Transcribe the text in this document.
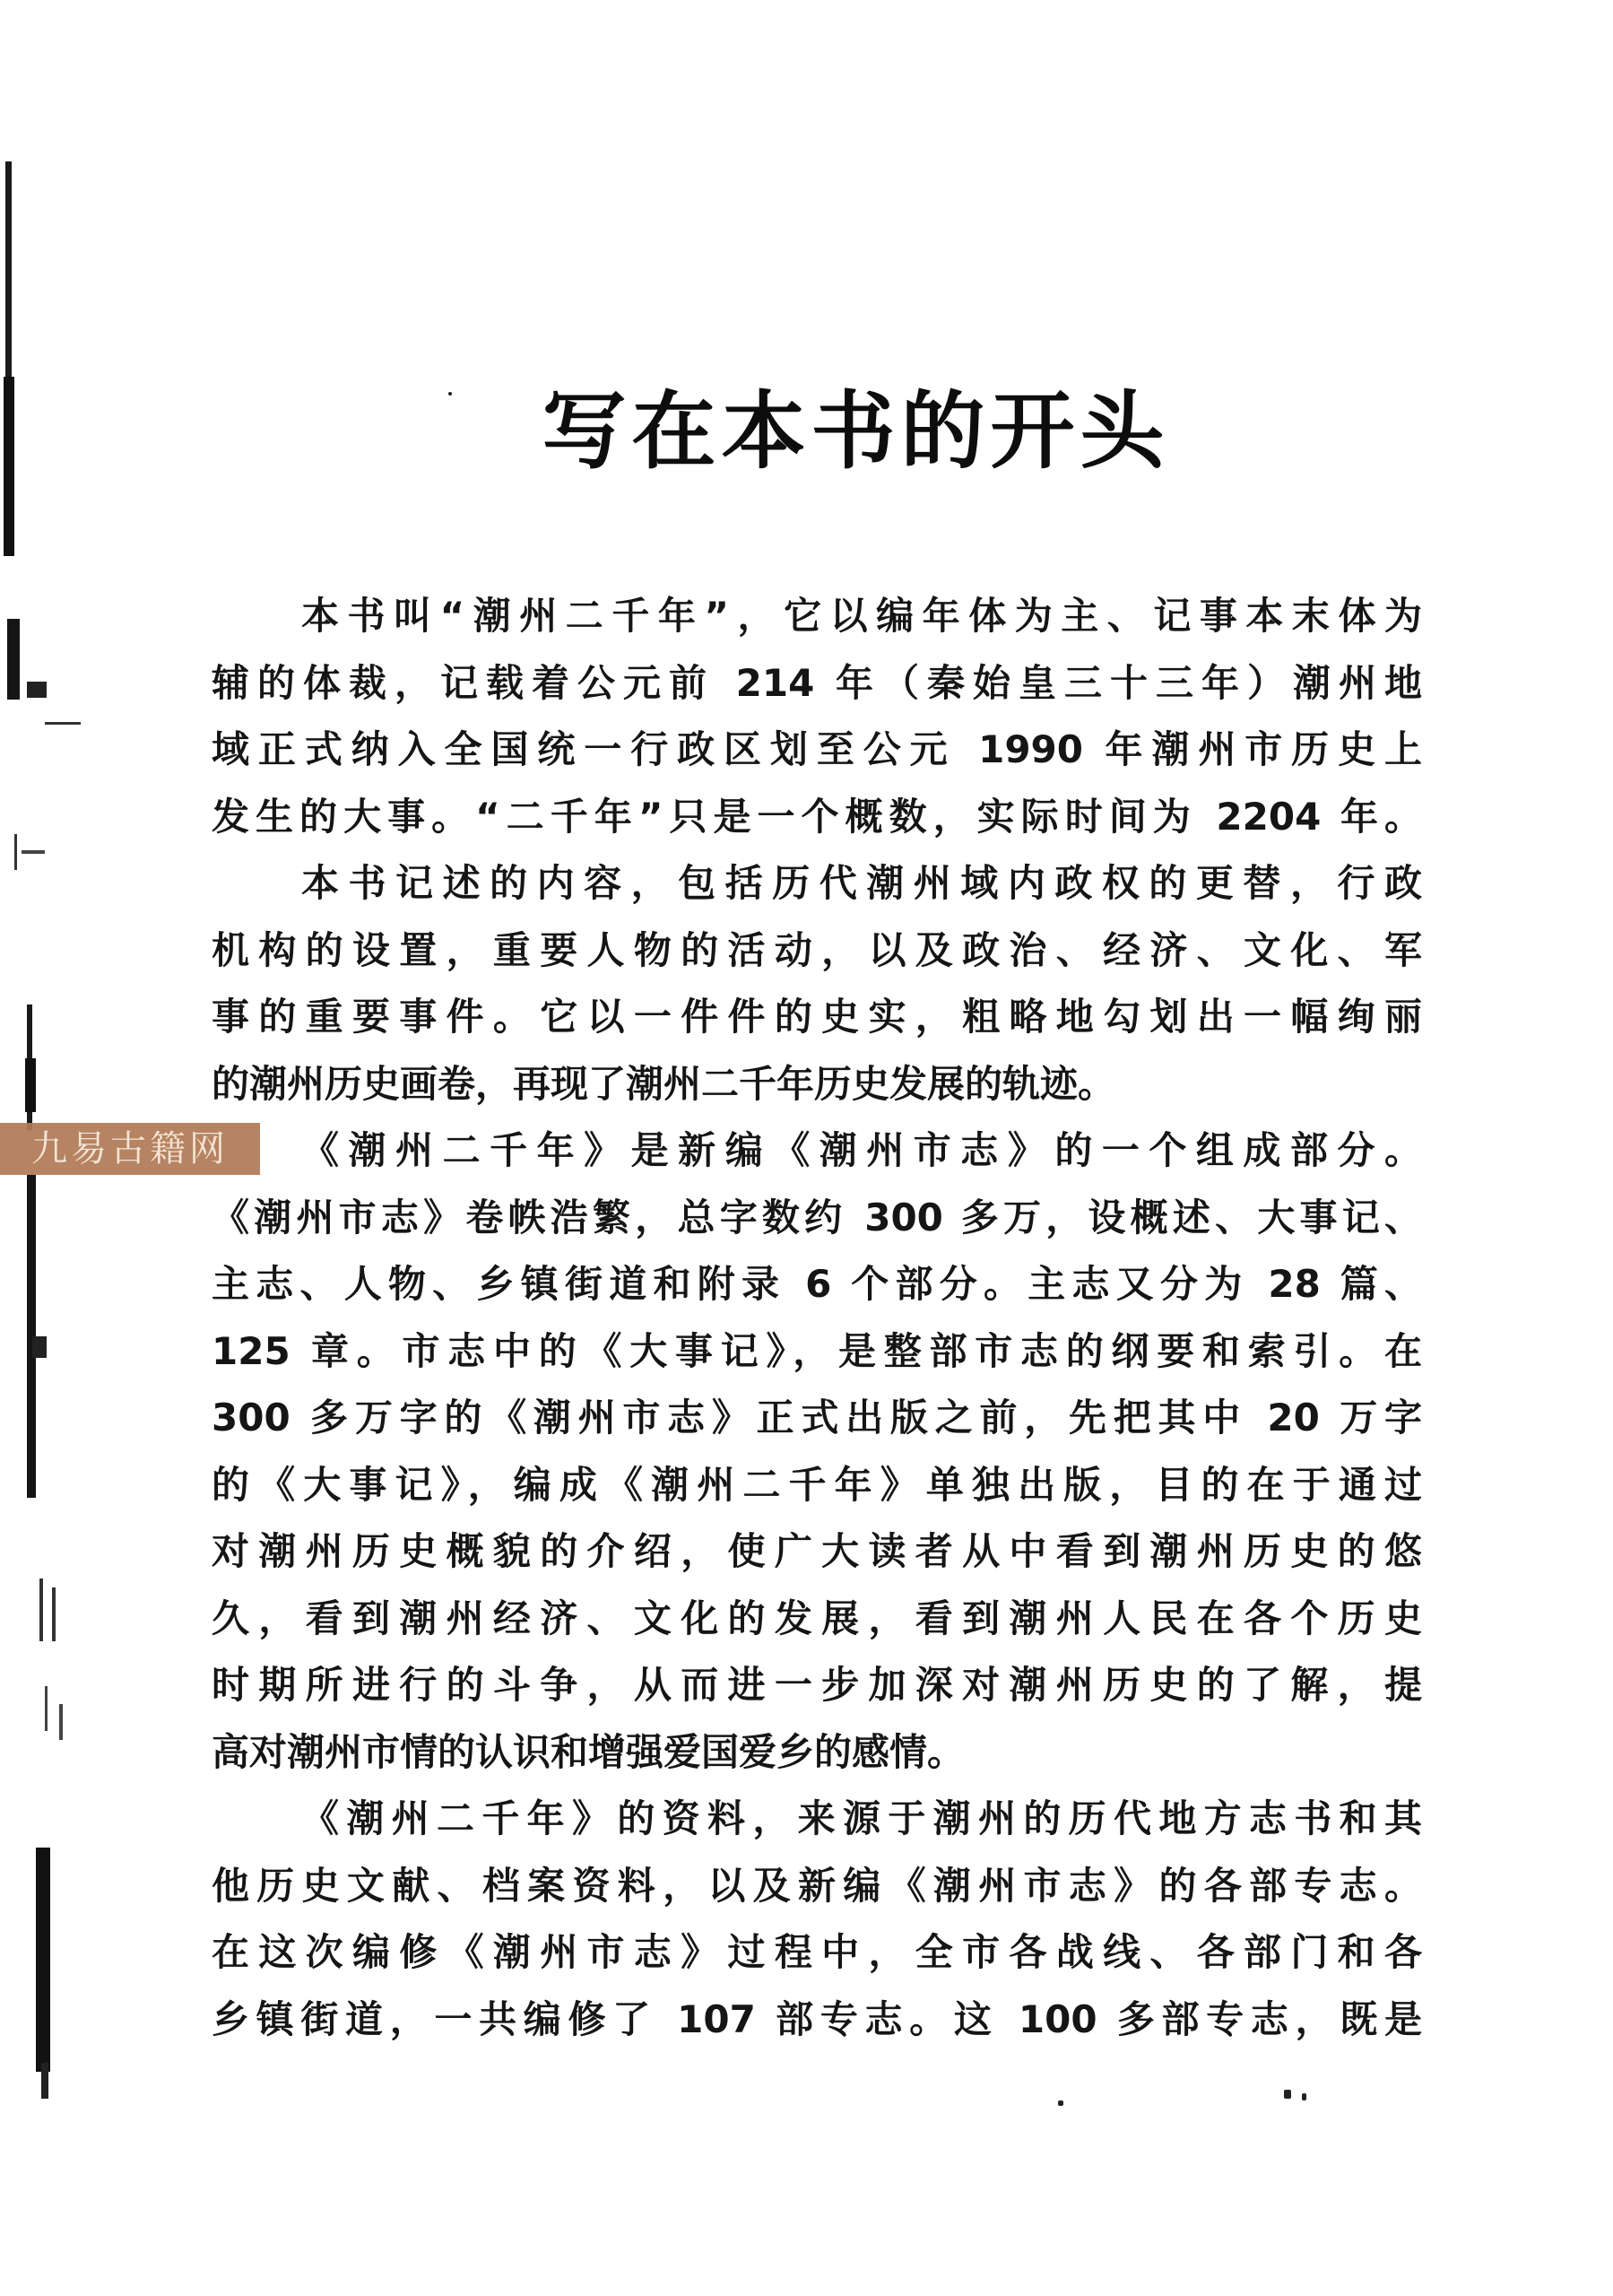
写在本书的开头
九易古籍网
本书叫“潮州二千年”，它以编年体为主、记事本末体为
辅的体裁，记载着公元前 214 年（秦始皇三十三年）潮州地
域正式纳入全国统一行政区划至公元 1990 年潮州市历史上
发生的大事。“二千年”只是一个概数，实际时间为 2204 年。
本书记述的内容，包括历代潮州域内政权的更替，行政
机构的设置，重要人物的活动，以及政治、经济、文化、军
事的重要事件。它以一件件的史实，粗略地勾划出一幅绚丽
的潮州历史画卷，再现了潮州二千年历史发展的轨迹。
《潮州二千年》是新编《潮州市志》的一个组成部分。
《潮州市志》卷帙浩繁，总字数约 300 多万，设概述、大事记、
主志、人物、乡镇街道和附录 6 个部分。主志又分为 28 篇、
125 章。市志中的《大事记》，是整部市志的纲要和索引。在
300 多万字的《潮州市志》正式出版之前，先把其中 20 万字
的《大事记》，编成《潮州二千年》单独出版，目的在于通过
对潮州历史概貌的介绍，使广大读者从中看到潮州历史的悠
久，看到潮州经济、文化的发展，看到潮州人民在各个历史
时期所进行的斗争，从而进一步加深对潮州历史的了解，提
高对潮州市情的认识和增强爱国爱乡的感情。
《潮州二千年》的资料，来源于潮州的历代地方志书和其
他历史文献、档案资料，以及新编《潮州市志》的各部专志。
在这次编修《潮州市志》过程中，全市各战线、各部门和各
乡镇街道，一共编修了 107 部专志。这 100 多部专志，既是
